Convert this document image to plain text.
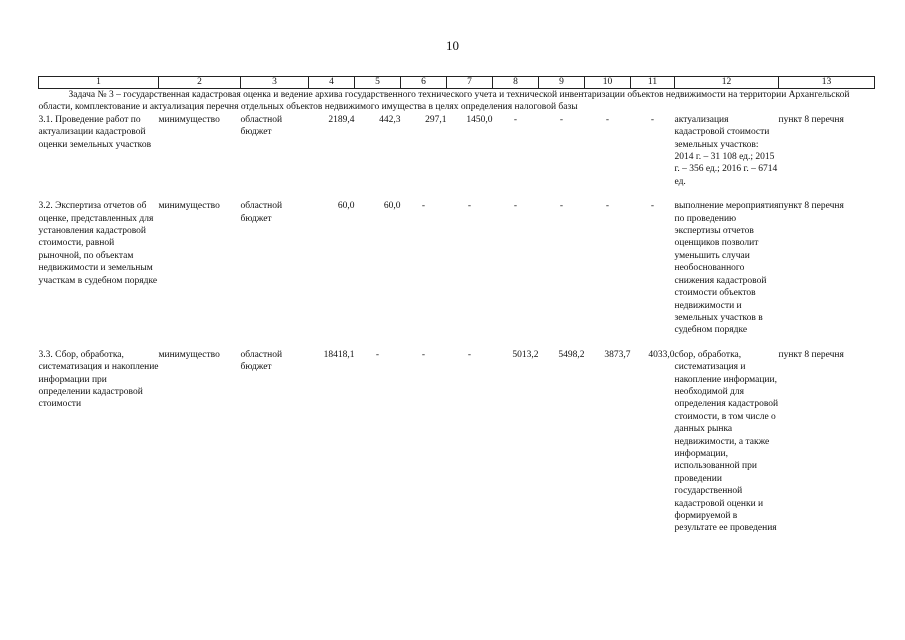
10
1	2	3	4	5	6	7	8	9	10	11	12	13
Задача № 3 – государственная кадастровая оценка и ведение архива государственного технического учета и технической инвентаризации объектов недвижимости на территории Архангельской области, комплектование и актуализация перечня отдельных объектов недвижимого имущества в целях определения налоговой базы												
3.1. Проведение работ по актуализации кадастровой оценки земельных участков	минимущество	областной бюджет	2189,4	442,3	297,1	1450,0	-	-	-	-	актуализация кадастровой стоимости земельных участков: 2014 г. – 31 108 ед.; 2015 г. – 356 ед.; 2016 г. – 6714 ед.	пункт 8 перечня

3.2. Экспертиза отчетов об оценке, представленных для установления кадастровой стоимости, равной рыночной, по объектам недвижимости и земельным участкам в судебном порядке	минимущество	областной бюджет	60,0	60,0	-	-	-	-	-	-	выполнение мероприятия по проведению экспертизы отчетов оценщиков позволит уменьшить случаи необоснованного снижения кадастровой стоимости объектов недвижимости и земельных участков в судебном порядке	пункт 8 перечня

3.3. Сбор, обработка, систематизация и накопление информации при определении кадастровой стоимости	минимущество	областной бюджет	18418,1	-	-	-	5013,2	5498,2	3873,7	4033,0	сбор, обработка, систематизация и накопление информации, необходимой для определения кадастровой стоимости, в том числе о данных рынка недвижимости, а также информации, использованной при проведении государственной кадастровой оценки и формируемой в результате ее проведения	пункт 8 перечня
